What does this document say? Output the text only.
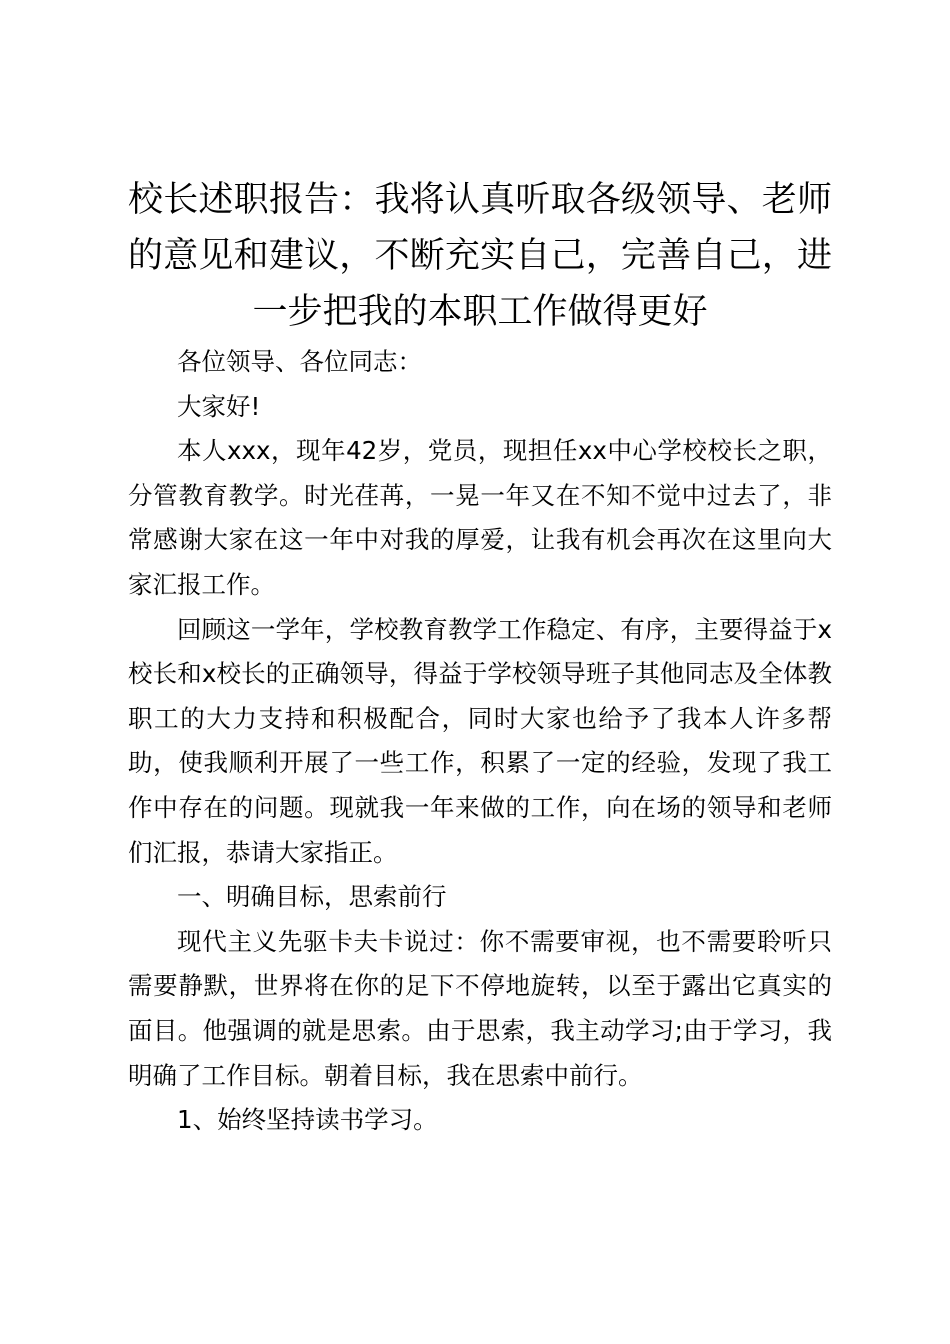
校长述职报告：我将认真听取各级领导、老师的意见和建议，不断充实自己，完善自己，进一步把我的本职工作做得更好

各位领导、各位同志：

大家好!

本人xxx，现年42岁，党员，现担任xx中心学校校长之职，分管教育教学。时光荏苒，一晃一年又在不知不觉中过去了，非常感谢大家在这一年中对我的厚爱，让我有机会再次在这里向大家汇报工作。

回顾这一学年，学校教育教学工作稳定、有序，主要得益于x校长和x校长的正确领导，得益于学校领导班子其他同志及全体教职工的大力支持和积极配合，同时大家也给予了我本人许多帮助，使我顺利开展了一些工作，积累了一定的经验，发现了我工作中存在的问题。现就我一年来做的工作，向在场的领导和老师们汇报，恭请大家指正。

一、明确目标，思索前行

现代主义先驱卡夫卡说过：你不需要审视，也不需要聆听只需要静默，世界将在你的足下不停地旋转，以至于露出它真实的面目。他强调的就是思索。由于思索，我主动学习;由于学习，我明确了工作目标。朝着目标，我在思索中前行。

1、始终坚持读书学习。
